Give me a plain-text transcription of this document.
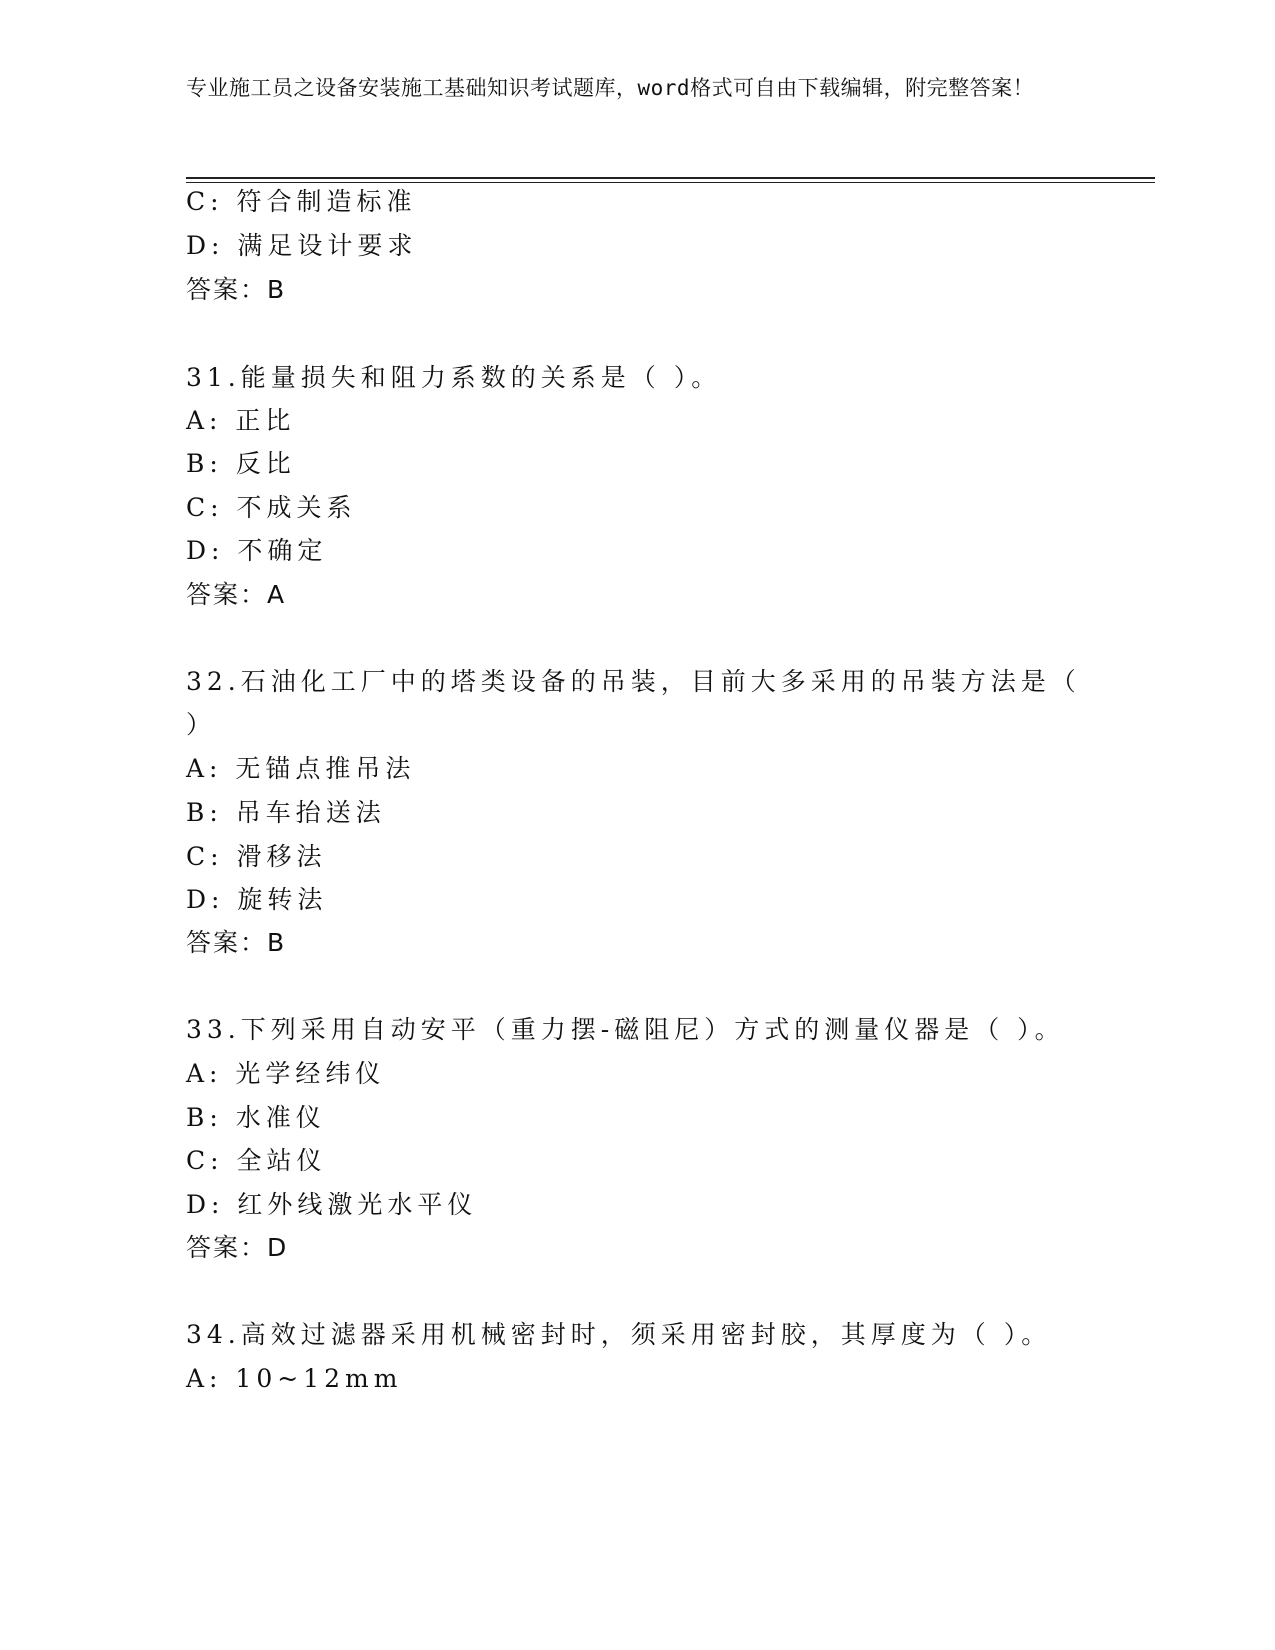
专业施工员之设备安装施工基础知识考试题库，word格式可自由下载编辑，附完整答案！
C: 符合制造标准
D: 满足设计要求
答案：B
31.能量损失和阻力系数的关系是（ ）。
A: 正比
B: 反比
C: 不成关系
D: 不确定
答案：A
32.石油化工厂中的塔类设备的吊装，目前大多采用的吊装方法是（
）
A: 无锚点推吊法
B: 吊车抬送法
C: 滑移法
D: 旋转法
答案：B
33.下列采用自动安平（重力摆-磁阻尼）方式的测量仪器是（ ）。
A: 光学经纬仪
B: 水准仪
C: 全站仪
D: 红外线激光水平仪
答案：D
34.高效过滤器采用机械密封时，须采用密封胶，其厚度为（ ）。
A: 10~12mm
